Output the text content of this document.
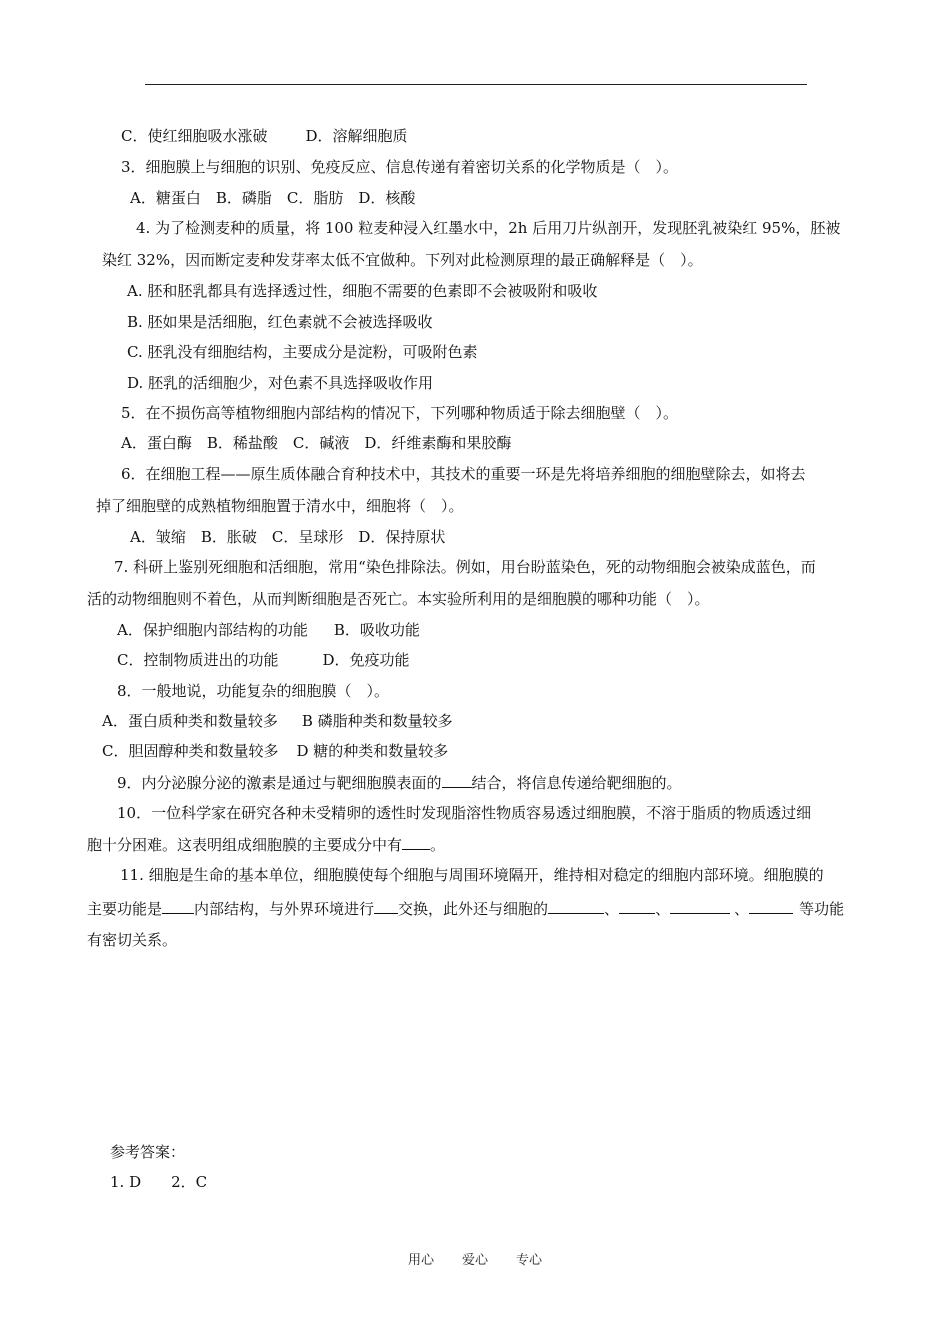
C．使红细胞吸水涨破	D．溶解细胞质
3．细胞膜上与细胞的识别、免疫反应、信息传递有着密切关系的化学物质是（　）。
A．糖蛋白　B．磷脂　C．脂肪　D．核酸
4. 为了检测麦种的质量，将 100 粒麦种浸入红墨水中，2h 后用刀片纵剖开，发现胚乳被染红 95%，胚被
染红 32%，因而断定麦种发芽率太低不宜做种。下列对此检测原理的最正确解释是（　）。
A. 胚和胚乳都具有选择透过性，细胞不需要的色素即不会被吸附和吸收
B. 胚如果是活细胞，红色素就不会被选择吸收
C. 胚乳没有细胞结构，主要成分是淀粉，可吸附色素
D. 胚乳的活细胞少，对色素不具选择吸收作用
5．在不损伤高等植物细胞内部结构的情况下，下列哪种物质适于除去细胞壁（　）。
A．蛋白酶　B．稀盐酸　C．碱液　D．纤维素酶和果胶酶
6．在细胞工程——原生质体融合育种技术中，其技术的重要一环是先将培养细胞的细胞壁除去，如将去
掉了细胞壁的成熟植物细胞置于清水中，细胞将（　）。
A．皱缩　B．胀破　C．呈球形　D．保持原状
7. 科研上鉴别死细胞和活细胞，常用“染色排除法。例如，用台盼蓝染色，死的动物细胞会被染成蓝色，而
活的动物细胞则不着色，从而判断细胞是否死亡。本实验所利用的是细胞膜的哪种功能（　）。
A．保护细胞内部结构的功能 B．吸收功能
C．控制物质进出的功能	D．免疫功能
8．一般地说，功能复杂的细胞膜（　）。
A．蛋白质种类和数量较多 B 磷脂种类和数量较多
C．胆固醇种类和数量较多 D 糖的种类和数量较多
9．内分泌腺分泌的激素是通过与靶细胞膜表面的 结合，将信息传递给靶细胞的。
10．一位科学家在研究各种未受精卵的透性时发现脂溶性物质容易透过细胞膜，不溶于脂质的物质透过细
胞十分困难。这表明组成细胞膜的主要成分中有 。
11. 细胞是生命的基本单位，细胞膜使每个细胞与周围环境隔开，维持相对稳定的细胞内部环境。细胞膜的
主要功能是 内部结构，与外界环境进行 交换，此外还与细胞的	、 、	、	等功能
有密切关系。
参考答案：
1. D　　2．C
用心 爱心 专心
